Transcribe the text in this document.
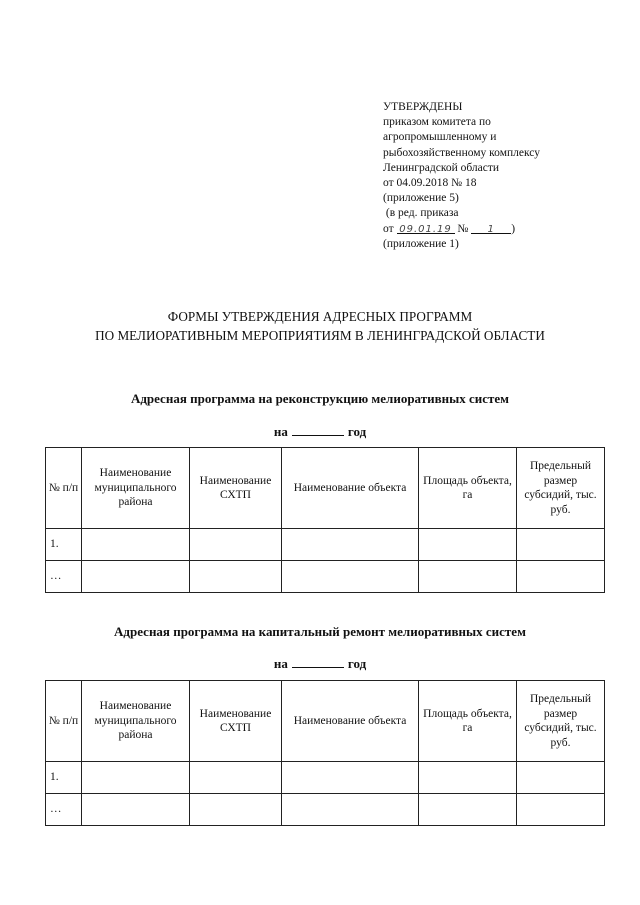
УТВЕРЖДЕНЫ
приказом комитета по
агропромышленному и
рыбохозяйственному комплексу
Ленинградской области
от 04.09.2018 № 18
(приложение 5)
(в ред. приказа
от 09.01.19 № 1 )
(приложение 1)
ФОРМЫ УТВЕРЖДЕНИЯ АДРЕСНЫХ ПРОГРАММ
ПО МЕЛИОРАТИВНЫМ МЕРОПРИЯТИЯМ В ЛЕНИНГРАДСКОЙ ОБЛАСТИ
Адресная программа на реконструкцию мелиоративных систем
на	год
№ п/п	Наименование муниципального района	Наименование СХТП	Наименование объекта	Площадь объекта, га	Предельный размер субсидий, тыс. руб.
1.					
…					
Адресная программа на капитальный ремонт мелиоративных систем
на	год
№ п/п	Наименование муниципального района	Наименование СХТП	Наименование объекта	Площадь объекта, га	Предельный размер субсидий, тыс. руб.
1.					
…					
